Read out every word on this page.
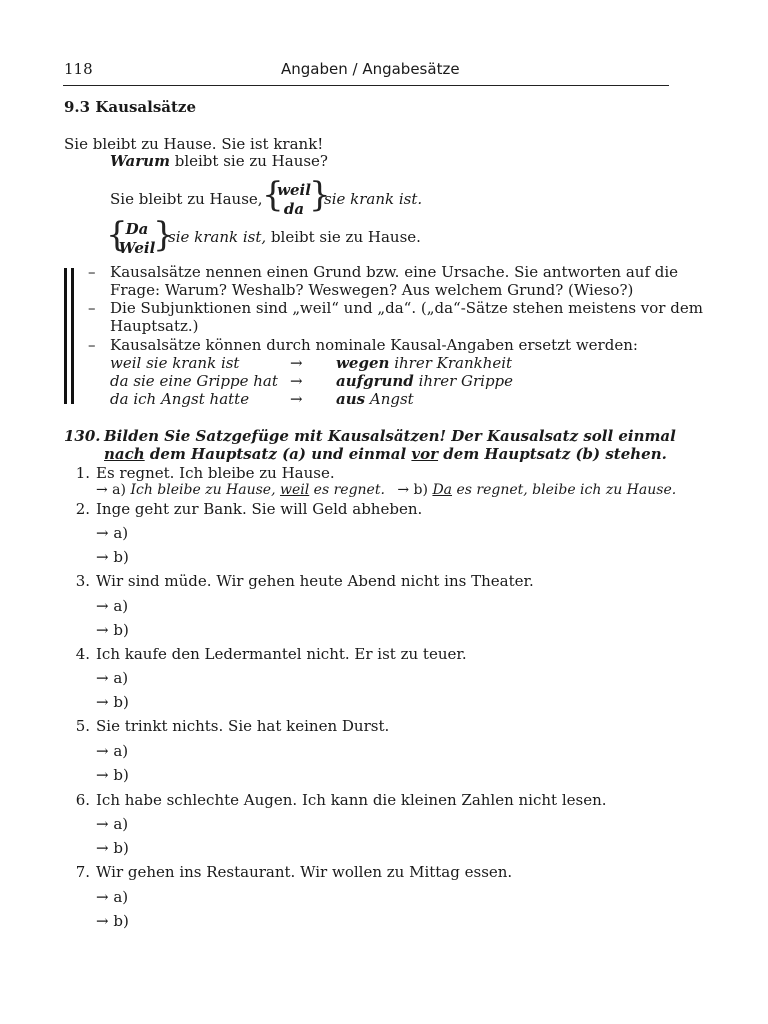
118	Angaben / Angabesätze
9.3 Kausalsätze
Sie bleibt zu Hause. Sie ist krank!
Warum bleibt sie zu Hause?
Sie bleibt zu Hause, {
weil
da }
sie krank ist.
{
Da
Weil
}
sie krank ist, bleibt sie zu Hause.
– Kausalsätze nennen einen Grund bzw. eine Ursache. Sie antworten auf die
Frage: Warum? Weshalb? Weswegen? Aus welchem Grund? (Wieso?)
– Die Subjunktionen sind „weil“ und „da“. („da“-Sätze stehen meistens vor dem
Hauptsatz.)
– Kausalsätze können durch nominale Kausal-Angaben ersetzt werden:
weil sie krank ist	→ wegen ihrer Krankheit
da sie eine Grippe hat → aufgrund ihrer Grippe
da ich Angst hatte	→ aus Angst
130. Bilden Sie Satzgefüge mit Kausalsätzen! Der Kausalsatz soll einmal
nach dem Hauptsatz (a) und einmal vor dem Hauptsatz (b) stehen.
1. Es regnet. Ich bleibe zu Hause.
→ a) Ich bleibe zu Hause, weil es regnet. → b) Da es regnet, bleibe ich zu Hause.
2. Inge geht zur Bank. Sie will Geld abheben.
→ a)
→ b)
3. Wir sind müde. Wir gehen heute Abend nicht ins Theater.
→ a)
→ b)
4. Ich kaufe den Ledermantel nicht. Er ist zu teuer.
→ a)
→ b)
5. Sie trinkt nichts. Sie hat keinen Durst.
→ a)
→ b)
6. Ich habe schlechte Augen. Ich kann die kleinen Zahlen nicht lesen.
→ a)
→ b)
7. Wir gehen ins Restaurant. Wir wollen zu Mittag essen.
→ a)
→ b)
